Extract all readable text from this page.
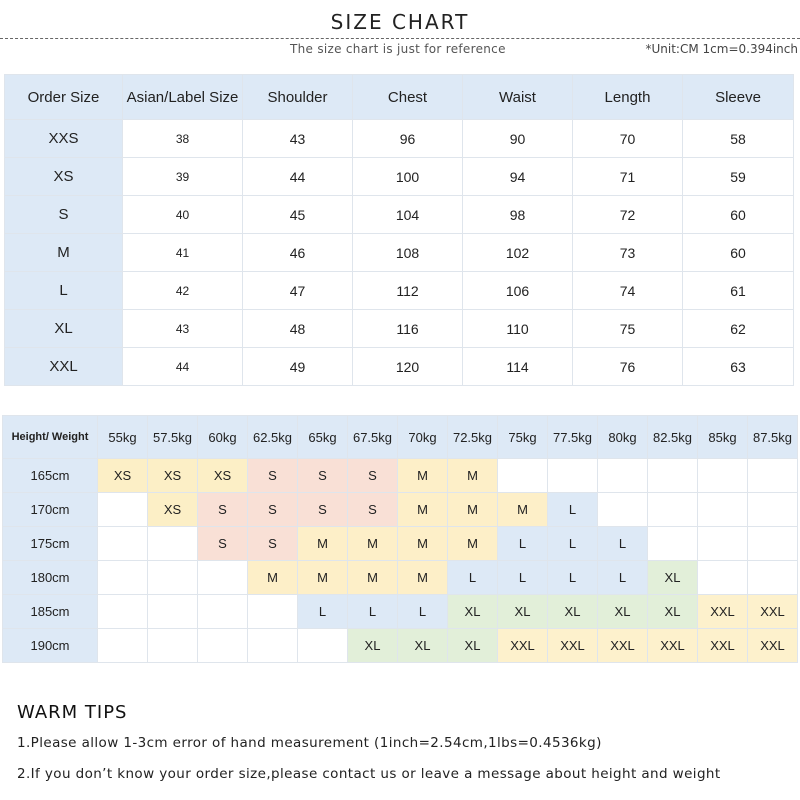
SIZE CHART
The size chart is just for reference	*Unit:CM 1cm=0.394inch
Order Size	Asian/Label Size	Shoulder	Chest	Waist	Length	Sleeve
XXS	38	43	96	90	70	58
XS	39	44	100	94	71	59
S	40	45	104	98	72	60
M	41	46	108	102	73	60
L	42	47	112	106	74	61
XL	43	48	116	110	75	62
XXL	44	49	120	114	76	63
Height/ Weight	55kg	57.5kg	60kg	62.5kg	65kg	67.5kg	70kg	72.5kg	75kg	77.5kg	80kg	82.5kg	85kg	87.5kg
165cm	XS	XS	XS	S	S	S	M	M						
170cm		XS	S	S	S	S	M	M	M	L				
175cm			S	S	M	M	M	M	L	L	L			
180cm				M	M	M	M	L	L	L	L	XL		
185cm					L	L	L	XL	XL	XL	XL	XL	XXL	XXL
190cm						XL	XL	XL	XXL	XXL	XXL	XXL	XXL	XXL
WARM TIPS
1.Please allow 1-3cm error of hand measurement (1inch=2.54cm,1lbs=0.4536kg)
2.If you don’t know your order size,please contact us or leave a message about height and weight
